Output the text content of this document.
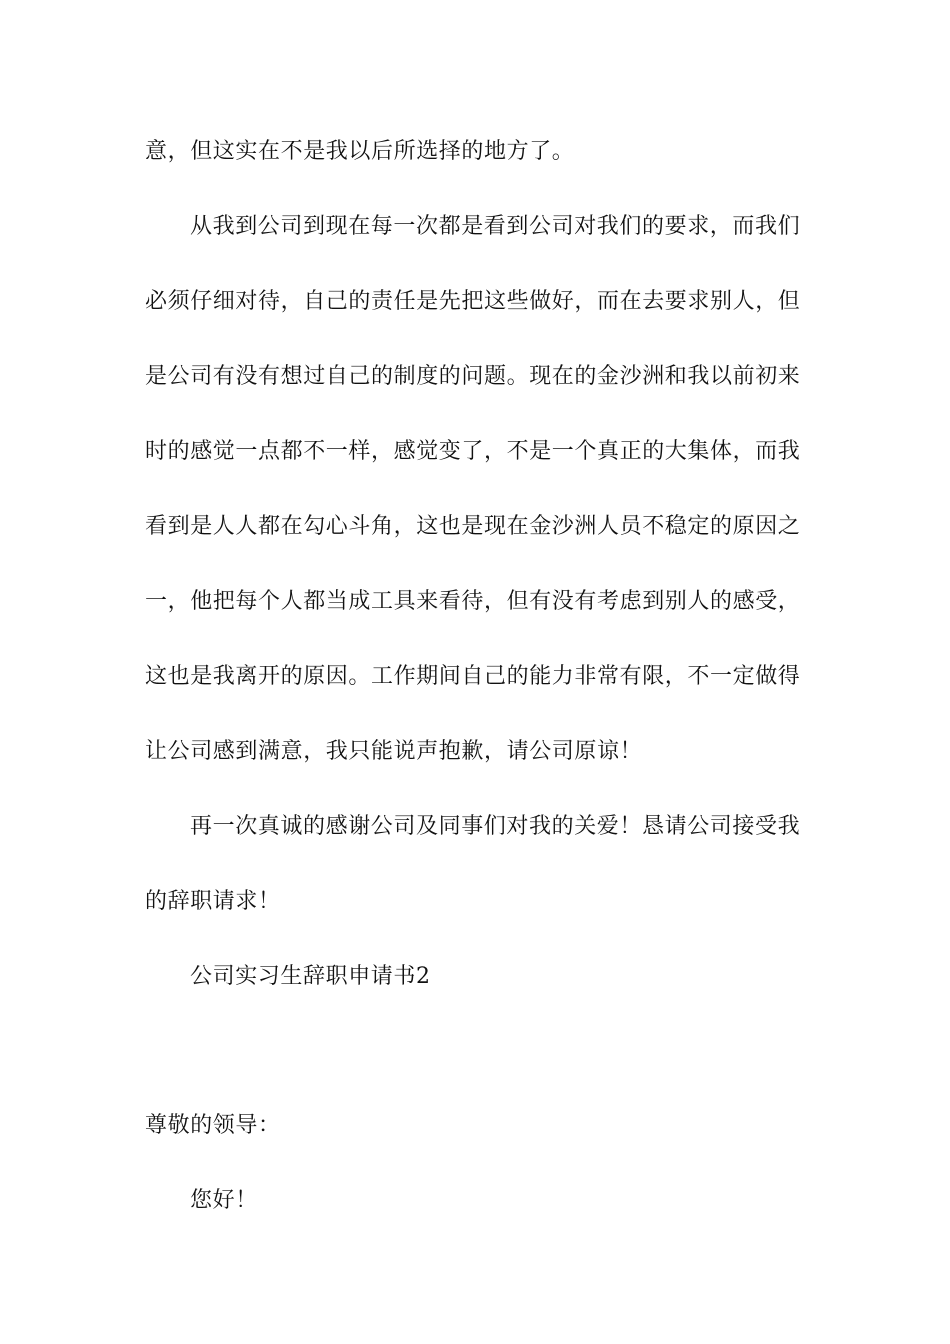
意，但这实在不是我以后所选择的地方了。
从我到公司到现在每一次都是看到公司对我们的要求，而我们
必须仔细对待，自己的责任是先把这些做好，而在去要求别人，但
是公司有没有想过自己的制度的问题。现在的金沙洲和我以前初来
时的感觉一点都不一样，感觉变了，不是一个真正的大集体，而我
看到是人人都在勾心斗角，这也是现在金沙洲人员不稳定的原因之
一，他把每个人都当成工具来看待，但有没有考虑到别人的感受，
这也是我离开的原因。工作期间自己的能力非常有限，不一定做得
让公司感到满意，我只能说声抱歉，请公司原谅！
再一次真诚的感谢公司及同事们对我的关爱！恳请公司接受我
的辞职请求！
公司实习生辞职申请书2
尊敬的领导：
您好！
